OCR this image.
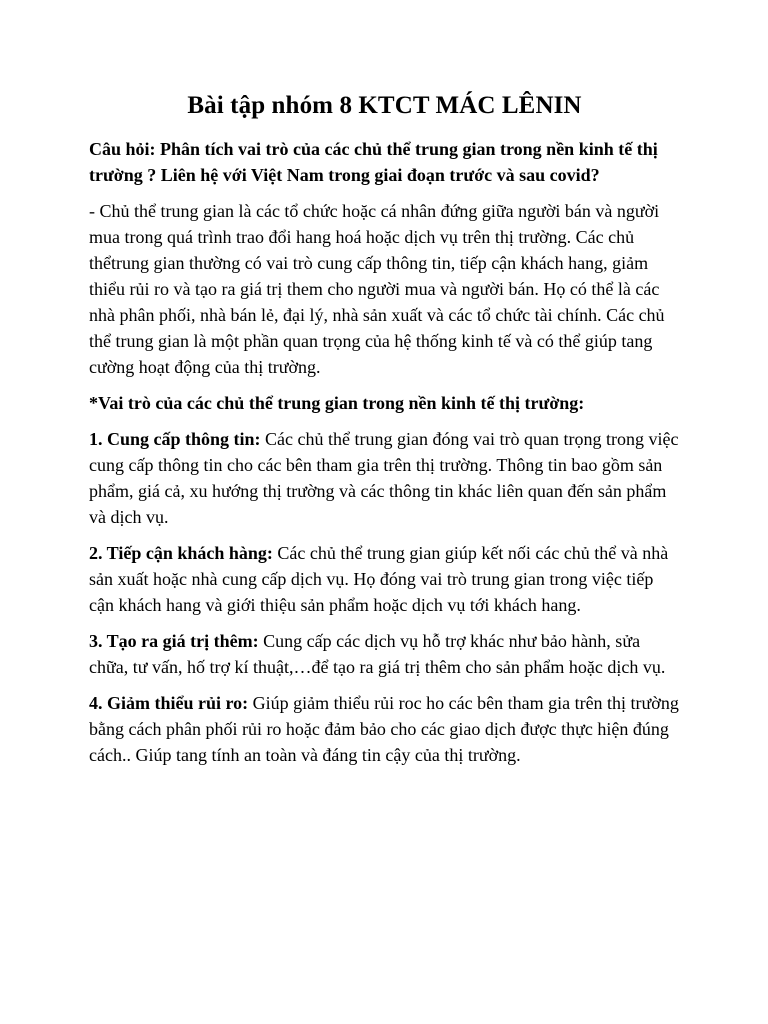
Bài tập nhóm 8 KTCT MÁC LÊNIN
Câu hỏi: Phân tích vai trò của các chủ thể trung gian trong nền kinh tế thị trường ? Liên hệ với Việt Nam trong giai đoạn trước và sau covid?
- Chủ thể trung gian là các tổ chức hoặc cá nhân đứng giữa người bán và người mua trong quá trình trao đổi hang hoá hoặc dịch vụ trên thị trường. Các chủ thểtrung gian thường có vai trò cung cấp thông tin, tiếp cận khách hang, giảm thiểu rủi ro và tạo ra giá trị them cho người mua và người bán. Họ có thể là các nhà phân phối, nhà bán lẻ, đại lý, nhà sản xuất và các tổ chức tài chính. Các chủ thể trung gian là một phần quan trọng của hệ thống kinh tế và có thể giúp tang cường hoạt động của thị trường.
*Vai trò của các chủ thể trung gian trong nền kinh tế thị trường:
1. Cung cấp thông tin: Các chủ thể trung gian đóng vai trò quan trọng trong việc cung cấp thông tin cho các bên tham gia trên thị trường. Thông tin bao gồm sản phẩm, giá cả, xu hướng thị trường và các thông tin khác liên quan đến sản phẩm và dịch vụ.
2. Tiếp cận khách hàng: Các chủ thể trung gian giúp kết nối các chủ thể và nhà sản xuất hoặc nhà cung cấp dịch vụ. Họ đóng vai trò trung gian trong việc tiếp cận khách hang và giới thiệu sản phẩm hoặc dịch vụ tới khách hang.
3. Tạo ra giá trị thêm: Cung cấp các dịch vụ hỗ trợ khác như bảo hành, sửa chữa, tư vấn, hố trợ kí thuật,…để tạo ra giá trị thêm cho sản phẩm hoặc dịch vụ.
4. Giảm thiểu rủi ro: Giúp giảm thiểu rủi roc ho các bên tham gia trên thị trường bằng cách phân phối rủi ro hoặc đảm bảo cho các giao dịch được thực hiện đúng cách.. Giúp tang tính an toàn và đáng tin cậy của thị trường.
